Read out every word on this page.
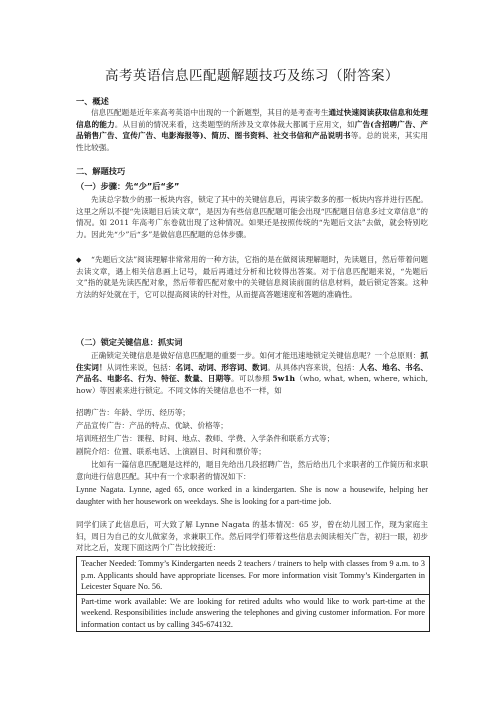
高考英语信息匹配题解题技巧及练习（附答案）
一、概述
信息匹配题是近年来高考英语中出现的一个新题型，其目的是考查考生通过快速阅读获取信息和处理信息的能力。从目前的情况来看，这类题型的所涉及文章体裁大都属于应用文，如广告(含招聘广告、产品销售广告、宣传广告、电影海报等)、简历、图书资料、社交书信和产品说明书等。总的说来，其实用性比较强。
二、解题技巧
（一）步骤：先“少”后“多”
先读总字数少的那一板块内容，锁定了其中的关键信息后，再读字数多的那一板块内容并进行匹配。这里之所以不提“先读题目后读文章”，是因为有些信息匹配题可能会出现“匹配题目信息多过文章信息”的情况。如 2011 年高考广东卷就出现了这种情况。如果还是按照传统的“先题后文法”去做，就会特别吃力。因此先“少”后“多”是做信息匹配题的总体步骤。
◆	“先题后文法”阅读理解非常常用的一种方法，它指的是在做阅读理解题时，先读题目，然后带着问题去读文章，遇上相关信息画上记号，最后再通过分析和比较得出答案。对于信息匹配题来说，“先题后文”指的就是先读匹配对象，然后带着匹配对象中的关键信息阅读前面的信息材料，最后锁定答案。这种方法的好处就在于，它可以提高阅读的针对性，从而提高答题速度和答题的准确性。
（二）锁定关键信息：抓实词
正确锁定关键信息是做好信息匹配题的重要一步。如何才能迅速地锁定关键信息呢？一个总原则：抓住实词！从词性来说，包括：名词、动词、形容词、数词。从具体内容来说，包括：人名、地名、书名、产品名、电影名、行为、特征、数量、日期等。可以参照 5w1h（who, what, when, where, which, how）等因素来进行锁定。不同文体的关键信息也不一样，如
招聘广告：年龄、学历、经历等；
产品宣传广告：产品的特点、优缺、价格等；
培训班招生广告：课程、时间、地点、教师、学费、入学条件和联系方式等；
剧院介绍：位置、联系电话、上演剧目、时间和票价等；
比如有一篇信息匹配题是这样的，题目先给出几段招聘广告，然后给出几个求职者的工作简历和求职意向进行信息匹配。其中有一个求职者的情况如下：
Lynne Nagata. Lynne, aged 65, once worked in a kindergarten. She is now a housewife, helping her daughter with her housework on weekdays. She is looking for a part-time job.
同学们读了此信息后，可大致了解 Lynne Nagata 的基本情况：65 岁，曾在幼儿园工作，现为家庭主妇，周日为自己的女儿做家务，求兼职工作。然后同学们带着这些信息去阅读相关广告，初扫一眼，初步对比之后，发现下面这两个广告比较接近：
Teacher Needed: Tommy’s Kindergarten needs 2 teachers / trainers to help with classes from 9 a.m. to 3 p.m. Applicants should have appropriate licenses. For more information visit Tommy’s Kindergarten in Leicester Square No. 56.
Part-time work available: We are looking for retired adults who would like to work part-time at the weekend. Responsibilities include answering the telephones and giving customer information. For more information contact us by calling 345-674132.
